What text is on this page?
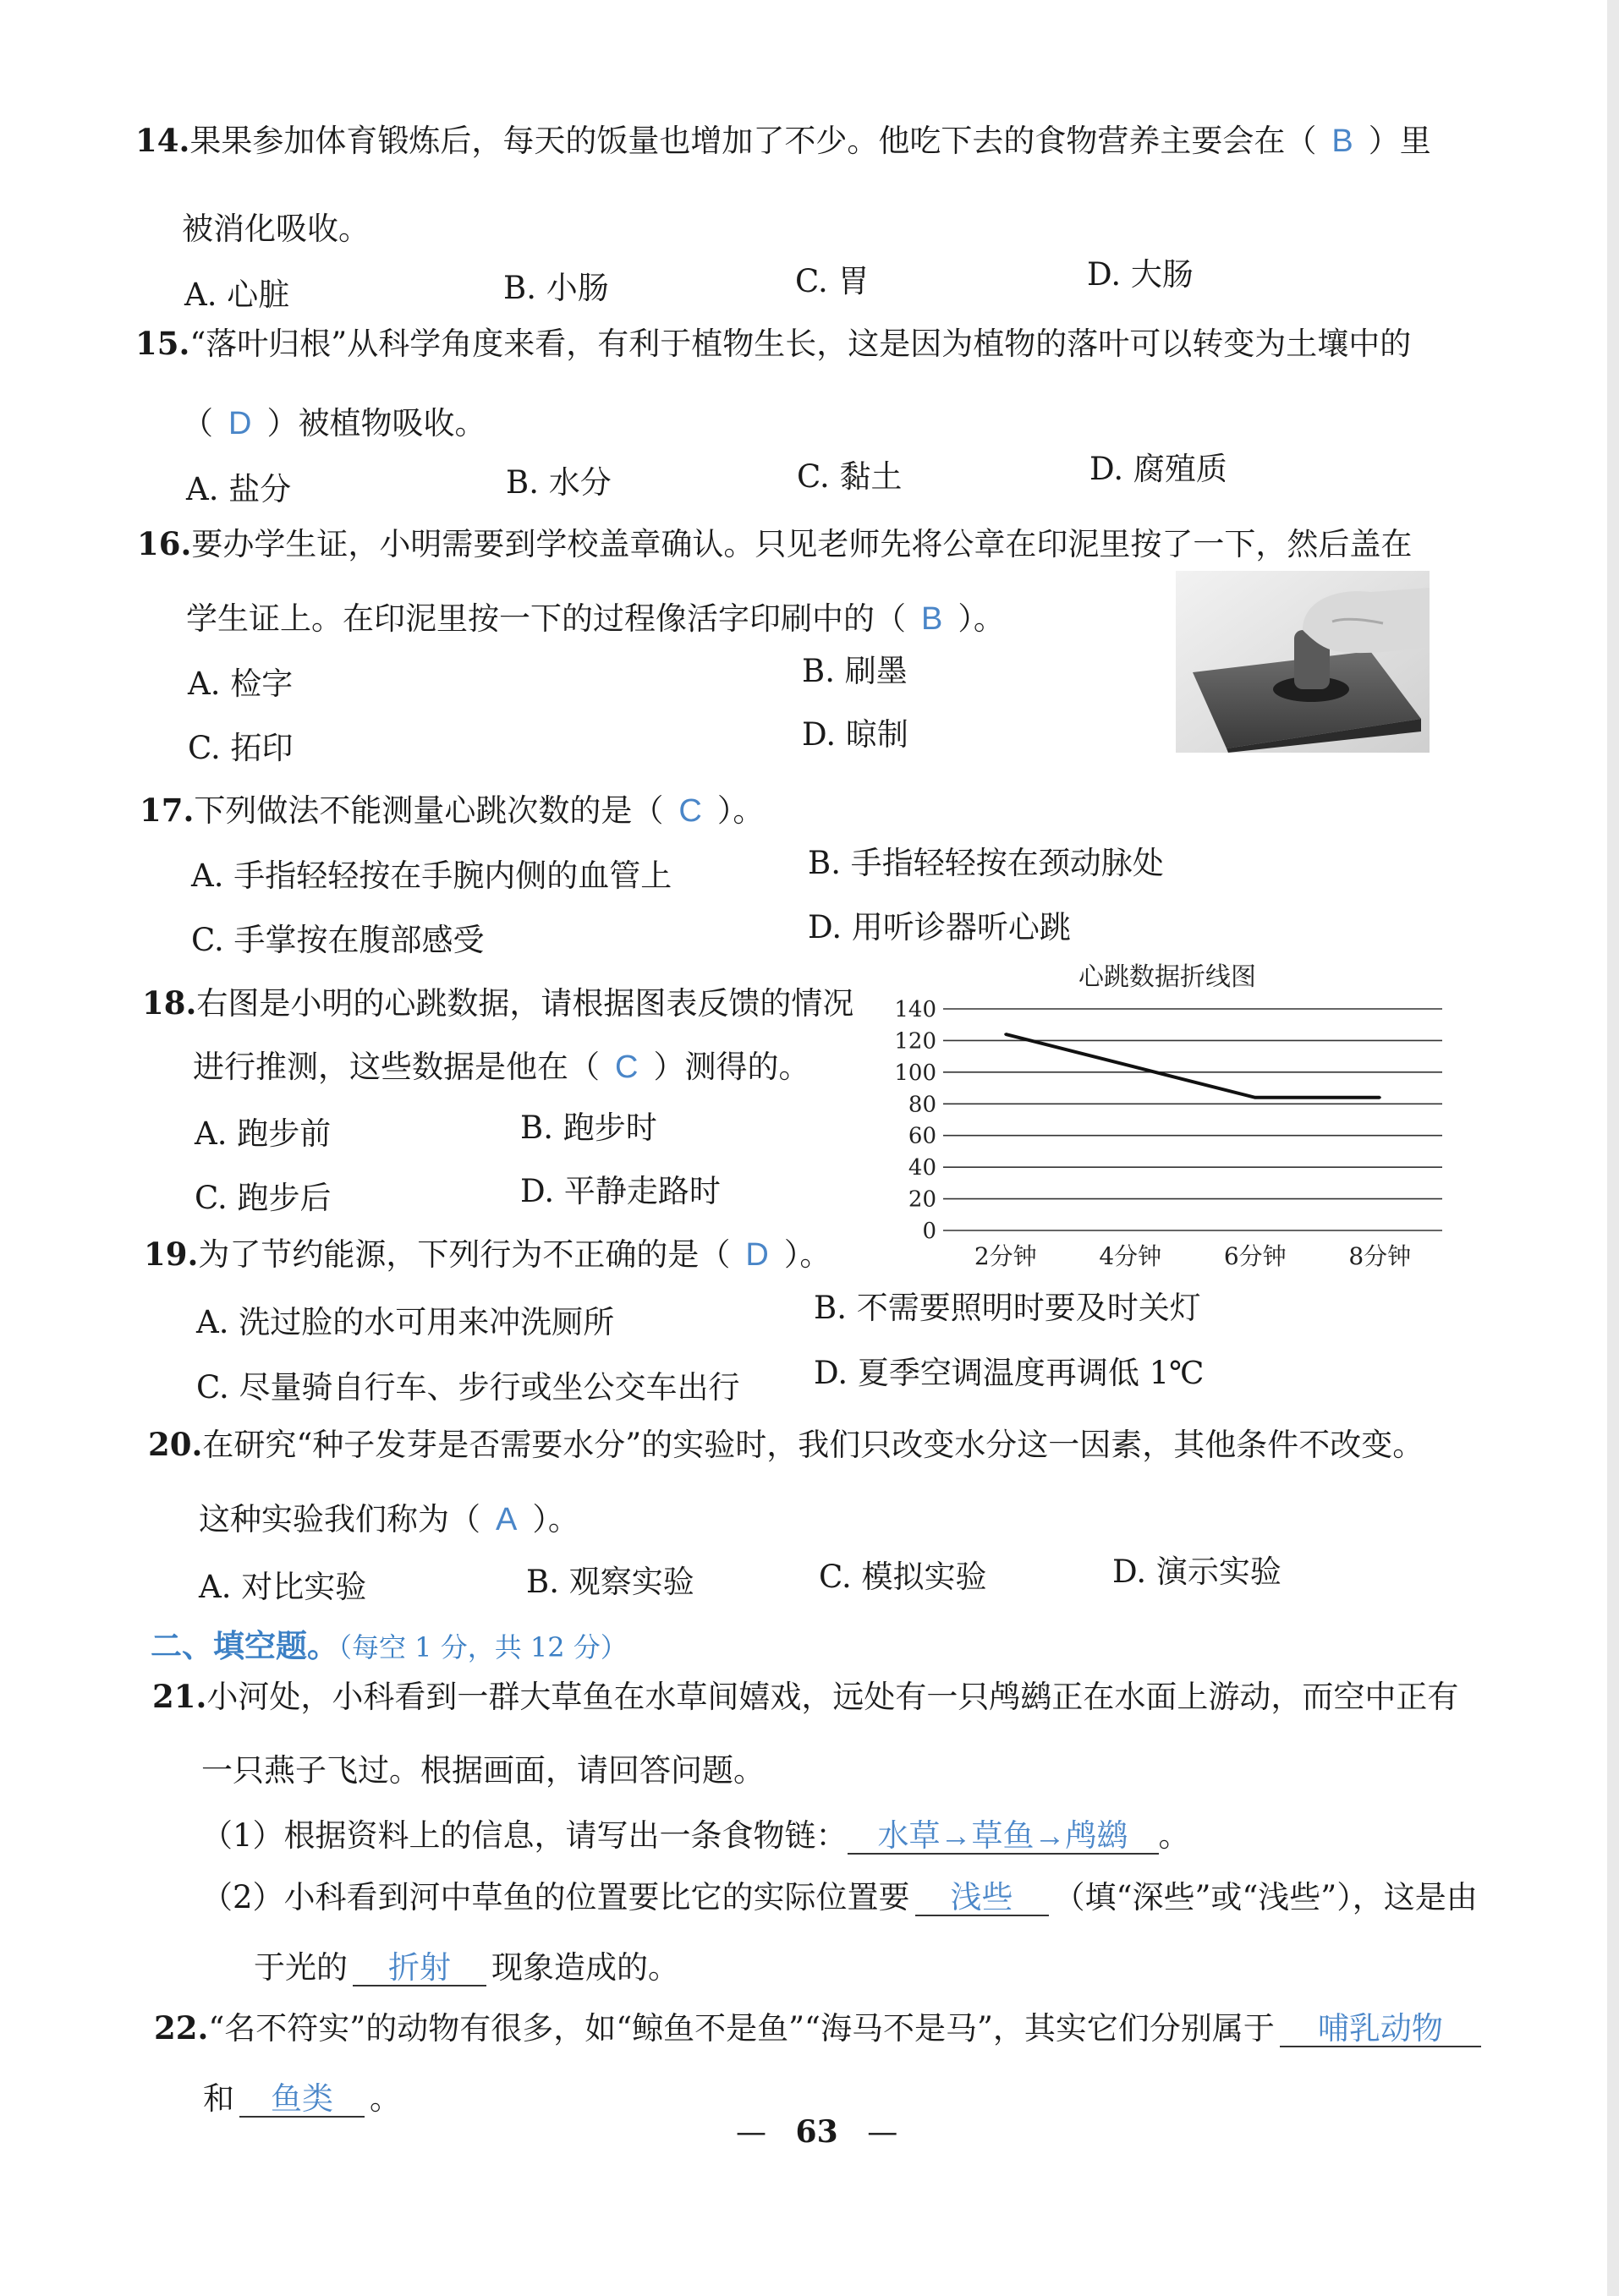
14.果果参加体育锻炼后，每天的饭量也增加了不少。他吃下去的食物营养主要会在（ B ）里
被消化吸收。
A. 心脏	B. 小肠	C. 胃	D. 大肠
15.“落叶归根”从科学角度来看，有利于植物生长，这是因为植物的落叶可以转变为土壤中的
（ D ）被植物吸收。
A. 盐分	B. 水分	C. 黏土	D. 腐殖质
16.要办学生证，小明需要到学校盖章确认。只见老师先将公章在印泥里按了一下，然后盖在
学生证上。在印泥里按一下的过程像活字印刷中的（ B ）。
A. 检字	B. 刷墨
C. 拓印	D. 晾制
17.下列做法不能测量心跳次数的是（ C ）。
A. 手指轻轻按在手腕内侧的血管上	B. 手指轻轻按在颈动脉处
C. 手掌按在腹部感受	D. 用听诊器听心跳
18.右图是小明的心跳数据，请根据图表反馈的情况
进行推测，这些数据是他在（ C ）测得的。
A. 跑步前	B. 跑步时
C. 跑步后	D. 平静走路时
心跳数据折线图
0
20
40
60
80
100
120
140
2分钟	4分钟	6分钟	8分钟
19.为了节约能源，下列行为不正确的是（ D ）。
A. 洗过脸的水可用来冲洗厕所	B. 不需要照明时要及时关灯
C. 尽量骑自行车、步行或坐公交车出行 D. 夏季空调温度再调低 1℃
20.在研究“种子发芽是否需要水分”的实验时，我们只改变水分这一因素，其他条件不改变。
这种实验我们称为（ A ）。
A. 对比实验	B. 观察实验	C. 模拟实验	D. 演示实验
二、填空题。（每空 1 分，共 12 分）
21.小河处，小科看到一群大草鱼在水草间嬉戏，远处有一只鸬鹚正在水面上游动，而空中正有
一只燕子飞过。根据画面，请回答问题。
（1）根据资料上的信息，请写出一条食物链： 水草→草鱼→鸬鹚 。
（2）小科看到河中草鱼的位置要比它的实际位置要 浅些 （填“深些”或“浅些”），这是由
于光的 折射 现象造成的。
22.“名不符实”的动物有很多，如“鲸鱼不是鱼”“海马不是马”，其实它们分别属于 哺乳动物
和 鱼类 。
— 63 —
